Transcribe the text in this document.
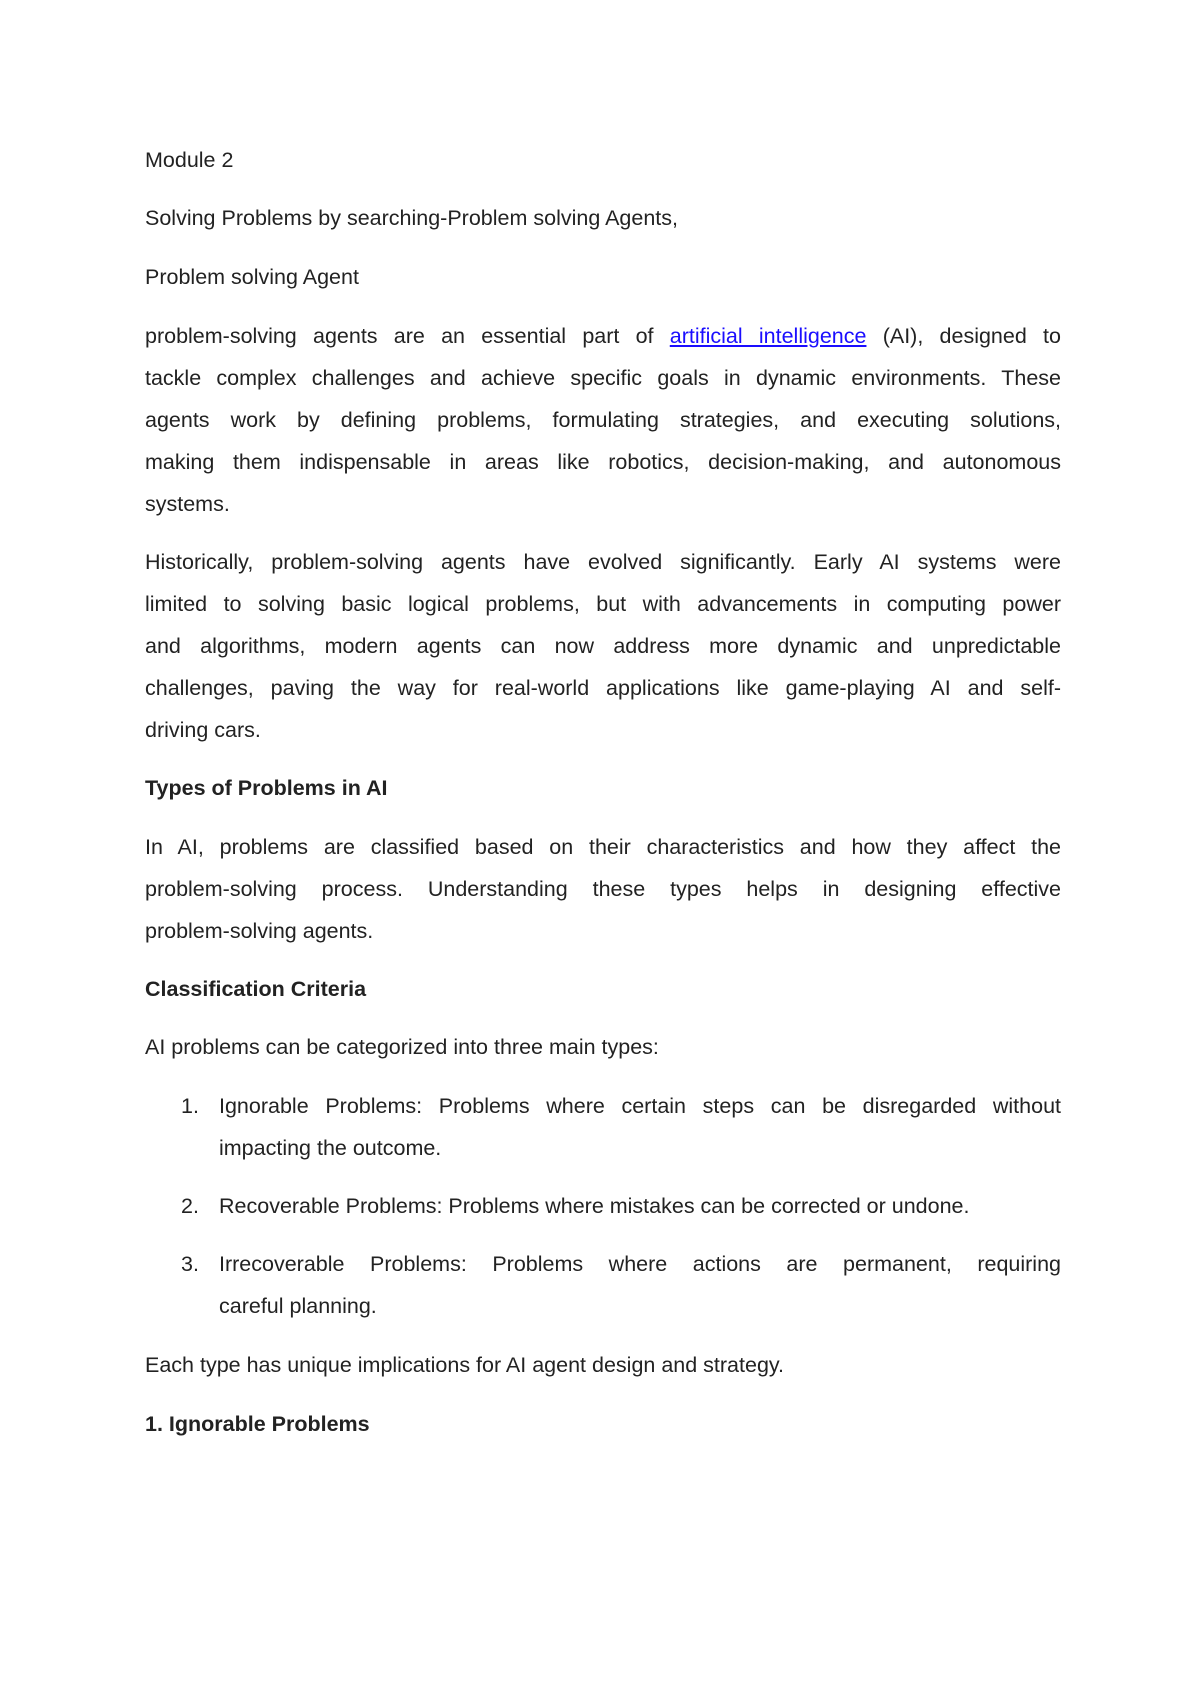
Module 2
Solving Problems by searching-Problem solving Agents,
Problem solving Agent
problem-solving agents are an essential part of artificial intelligence (AI), designed to
tackle complex challenges and achieve specific goals in dynamic environments. These
agents work by defining problems, formulating strategies, and executing solutions,
making them indispensable in areas like robotics, decision-making, and autonomous
systems.
Historically, problem-solving agents have evolved significantly. Early AI systems were
limited to solving basic logical problems, but with advancements in computing power
and algorithms, modern agents can now address more dynamic and unpredictable
challenges, paving the way for real-world applications like game-playing AI and self-
driving cars.
Types of Problems in AI
In AI, problems are classified based on their characteristics and how they affect the
problem-solving process. Understanding these types helps in designing effective
problem-solving agents.
Classification Criteria
AI problems can be categorized into three main types:
1. Ignorable Problems: Problems where certain steps can be disregarded without
impacting the outcome.
2. Recoverable Problems: Problems where mistakes can be corrected or undone.
3. Irrecoverable Problems: Problems where actions are permanent, requiring
careful planning.
Each type has unique implications for AI agent design and strategy.
1. Ignorable Problems
